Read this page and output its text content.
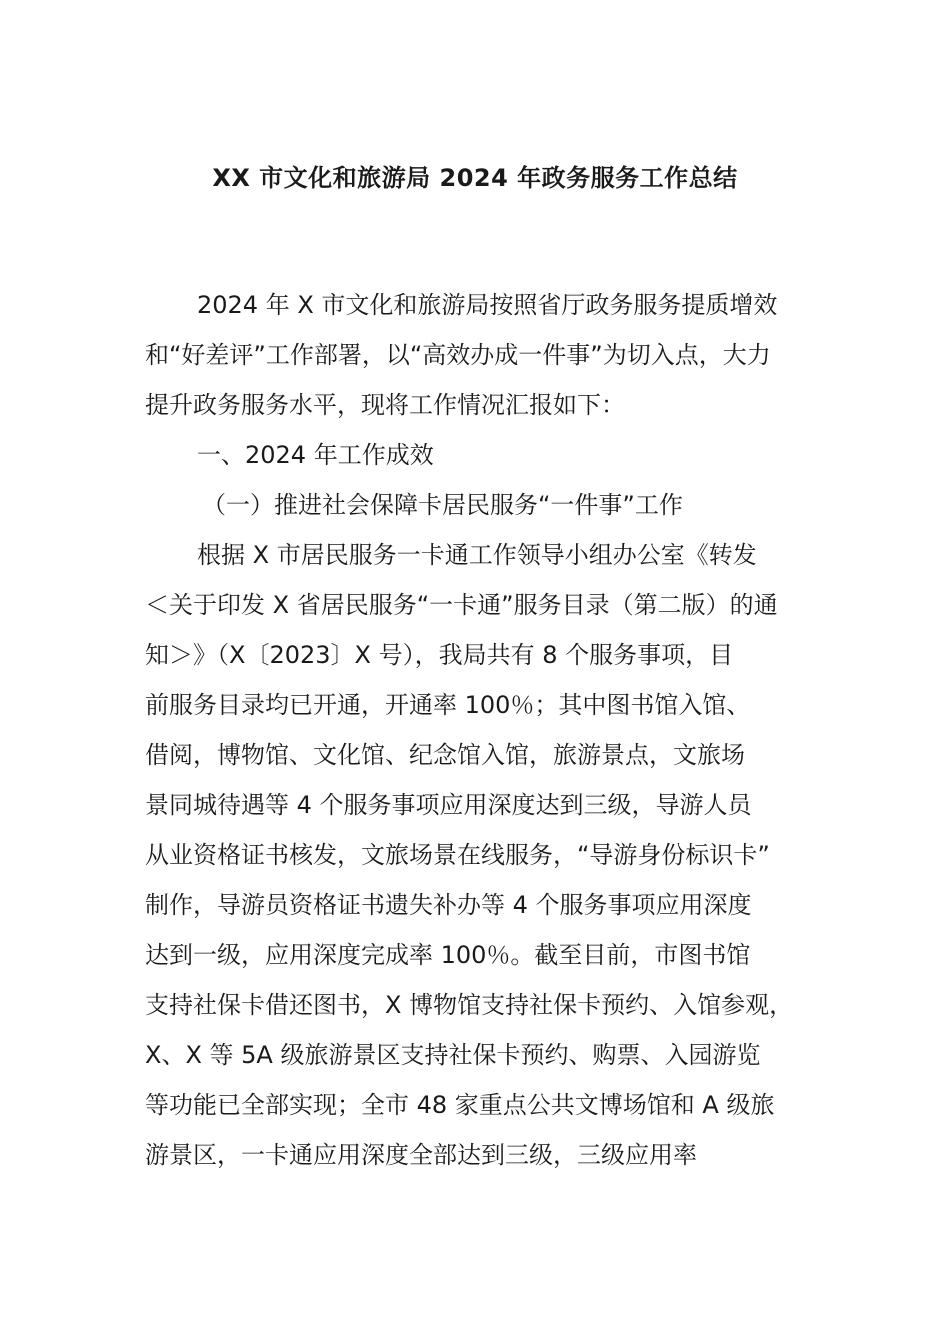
XX 市文化和旅游局 2024 年政务服务工作总结
2024 年 X 市文化和旅游局按照省厅政务服务提质增效
和“好差评”工作部署，以“高效办成一件事”为切入点，大力
提升政务服务水平，现将工作情况汇报如下：
一、2024 年工作成效
（一）推进社会保障卡居民服务“一件事”工作
根据 X 市居民服务一卡通工作领导小组办公室《转发
＜关于印发 X 省居民服务“一卡通”服务目录（第二版）的通
知＞》（X〔2023〕X 号），我局共有 8 个服务事项，目
前服务目录均已开通，开通率 100％；其中图书馆入馆、
借阅，博物馆、文化馆、纪念馆入馆，旅游景点，文旅场
景同城待遇等 4 个服务事项应用深度达到三级，导游人员
从业资格证书核发，文旅场景在线服务，“导游身份标识卡”
制作，导游员资格证书遗失补办等 4 个服务事项应用深度
达到一级，应用深度完成率 100％。截至目前，市图书馆
支持社保卡借还图书，X 博物馆支持社保卡预约、入馆参观，
X、X 等 5A 级旅游景区支持社保卡预约、购票、入园游览
等功能已全部实现；全市 48 家重点公共文博场馆和 A 级旅
游景区，一卡通应用深度全部达到三级，三级应用率
